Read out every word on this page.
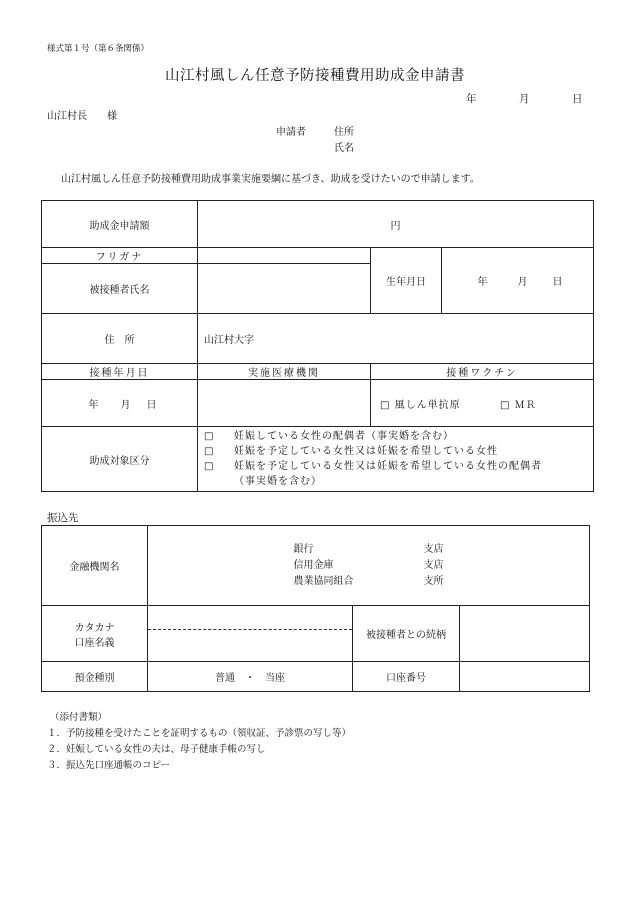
様式第１号（第６条関係）
山江村風しん任意予防接種費用助成金申請書
年	月	日
山江村長　　様
申請者	住所
氏名
山江村風しん任意予防接種費用助成事業実施要綱に基づき、助成を受けたいので申請します。
助成金申請額	円		
フリガナ		生年月日	年 月 日
被接種者氏名			
住　所	山江村大字		
接種年月日	実施医療機関	接種ワクチン	
年 月 日		□ 風しん単抗原 □ ＭＲ	
助成対象区分	□ 妊娠している女性の配偶者（事実婚を含む）
□ 妊娠を予定している女性又は妊娠を希望している女性
□ 妊娠を予定している女性又は妊娠を希望している女性の配偶者（事実婚を含む）		
振込先
金融機関名	銀行 支店
信用金庫 支店
農業協同組合 支所		

カタカナ
口座名義		被接種者との続柄	
預金種別	普通　・　当座	口座番号	
（添付書類）
１．予防接種を受けたことを証明するもの（領収証、予診票の写し等）
２．妊娠している女性の夫は、母子健康手帳の写し
３．振込先口座通帳のコピー
